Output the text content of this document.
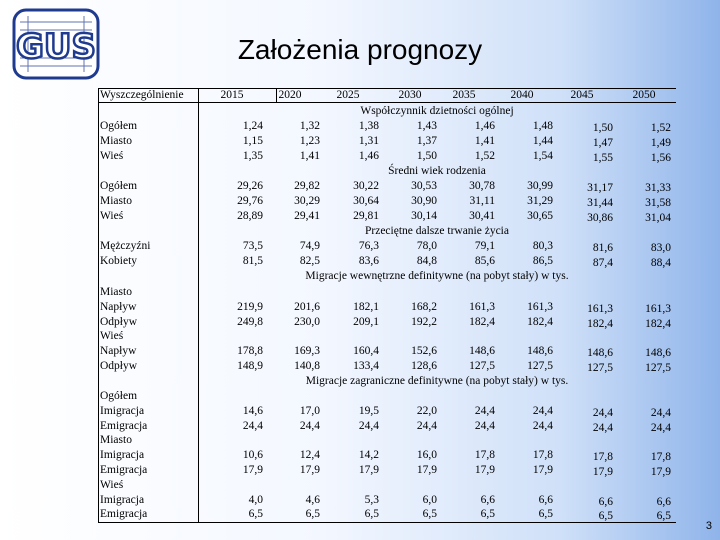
GUS	Założenia prognozy
Wyszczególnienie	2015	2020	2025	2030	2035	2040	2045	2050
Współczynnik dzietności ogólnej
Ogółem	1,24	1,32	1,38	1,43	1,46	1,48	1,50	1,52
Miasto	1,15	1,23	1,31	1,37	1,41	1,44	1,47	1,49
Wieś	1,35	1,41	1,46	1,50	1,52	1,54	1,55	1,56
Średni wiek rodzenia
Ogółem	29,26	29,82	30,22	30,53	30,78	30,99	31,17	31,33
Miasto	29,76	30,29	30,64	30,90	31,11	31,29	31,44	31,58
Wieś	28,89	29,41	29,81	30,14	30,41	30,65	30,86	31,04
Przeciętne dalsze trwanie życia
Mężczyźni	73,5	74,9	76,3	78,0	79,1	80,3	81,6	83,0
Kobiety	81,5	82,5	83,6	84,8	85,6	86,5	87,4	88,4
Migracje wewnętrzne definitywne (na pobyt stały) w tys.
Miasto
Napływ	219,9	201,6	182,1	168,2	161,3	161,3	161,3	161,3
Odpływ	249,8	230,0	209,1	192,2	182,4	182,4	182,4	182,4
Wieś
Napływ	178,8	169,3	160,4	152,6	148,6	148,6	148,6	148,6
Odpływ	148,9	140,8	133,4	128,6	127,5	127,5	127,5	127,5
Migracje zagraniczne definitywne (na pobyt stały) w tys.
Ogółem
Imigracja	14,6	17,0	19,5	22,0	24,4	24,4	24,4	24,4
Emigracja	24,4	24,4	24,4	24,4	24,4	24,4	24,4	24,4
Miasto
Imigracja	10,6	12,4	14,2	16,0	17,8	17,8	17,8	17,8
Emigracja	17,9	17,9	17,9	17,9	17,9	17,9	17,9	17,9
Wieś
Imigracja	4,0	4,6	5,3	6,0	6,6	6,6	6,6	6,6
Emigracja	6,5	6,5	6,5	6,5	6,5	6,5	6,5	6,5
3
